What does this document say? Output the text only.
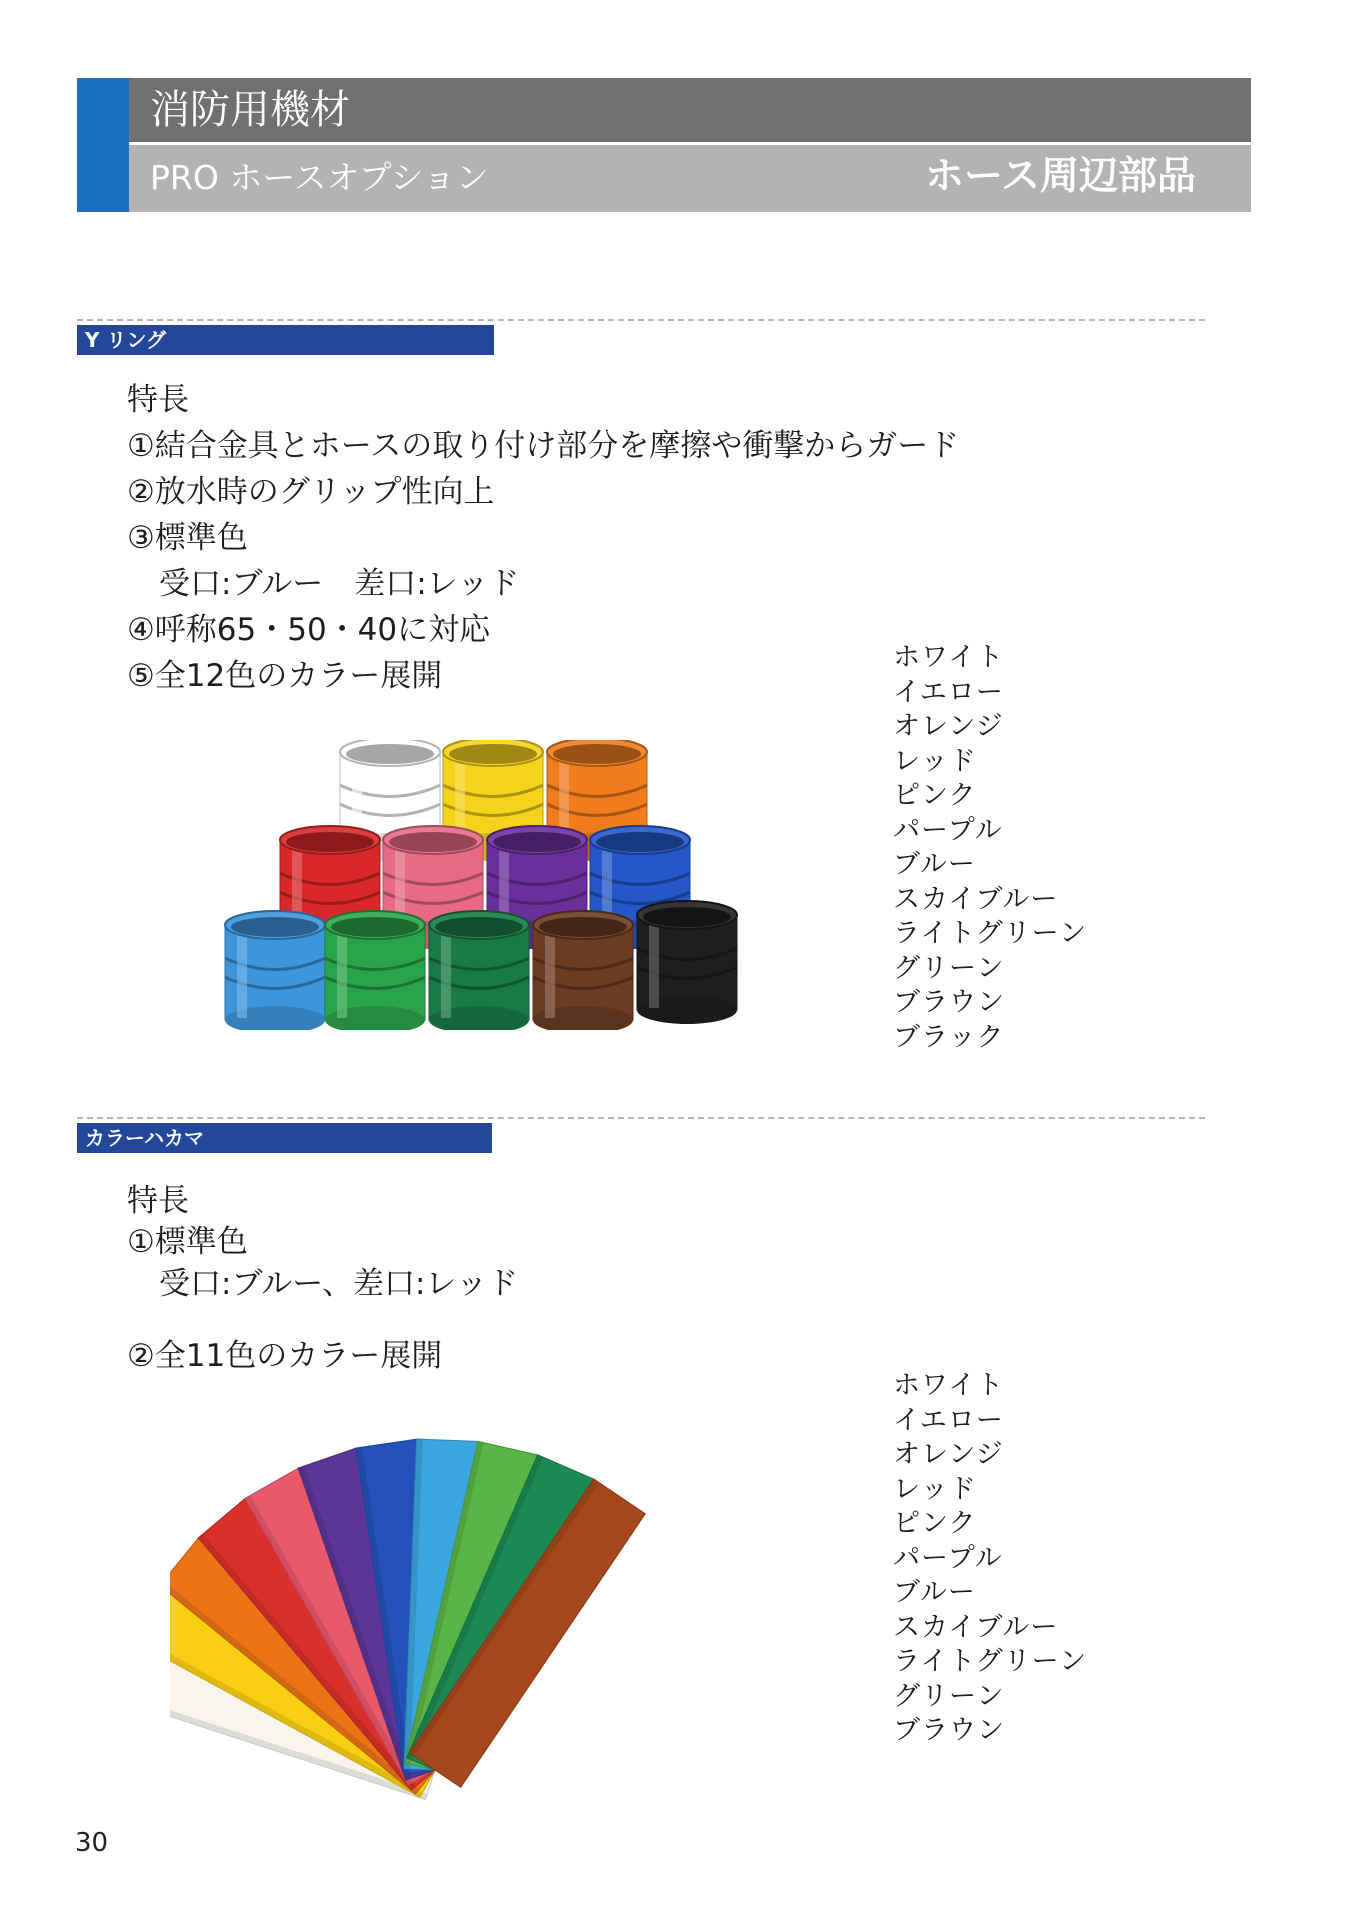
消防用機材
PRO ホースオプション	ホース周辺部品
Y リング
特長
①結合金具とホースの取り付け部分を摩擦や衝撃からガード
②放水時のグリップ性向上
③標準色
受口:ブルー　差口:レッド
④呼称65・50・40に対応
⑤全12色のカラー展開
ホワイト
イエロー
オレンジ
レッド
ピンク
パープル
ブルー
スカイブルー
ライトグリーン
グリーン
ブラウン
ブラック
カラーハカマ
特長
①標準色
受口:ブルー、差口:レッド
②全11色のカラー展開
ホワイト
イエロー
オレンジ
レッド
ピンク
パープル
ブルー
スカイブルー
ライトグリーン
グリーン
ブラウン
30
